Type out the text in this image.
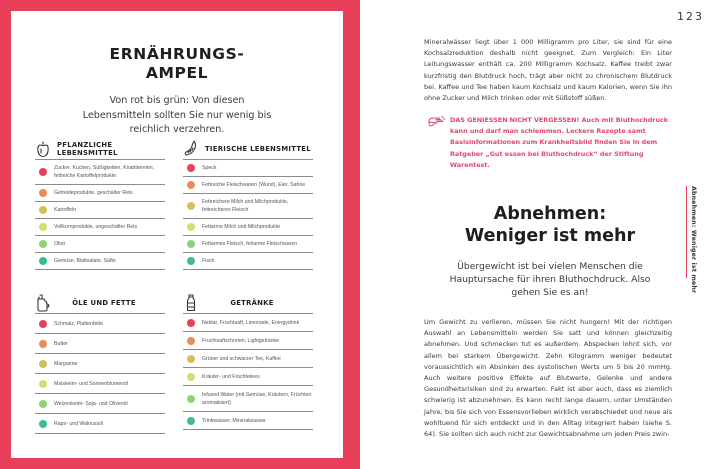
ERNÄHRUNGS-
AMPEL
Von rot bis grün: Von diesen Lebensmitteln sollten Sie nur wenig bis reichlich verzehren.
PFLANZLICHE LEBENSMITTEL
Zucker, Kuchen, Süßigkeiten, Knabbereien, fettreiche Kartoffelprodukte
Getreideprodukte, geschälter Reis
Kartoffeln
Vollkornprodukte, ungeschälter Reis
Obst
Gemüse, Blattsalate, Säfte
TIERISCHE LEBENSMITTEL
Speck
Fettreiche Fleischwaren (Wurst), Eier, Sahne
Fettreichere Milch und Milchprodukte, fettreicheres Fleisch
Fettarme Milch und Milchprodukte
Fettarmes Fleisch, fettarme Fleischwaren
Fisch
ÖLE UND FETTE
Schmalz, Plattenfette
Butter
Margarine
Maiskeim- und Sonnenblumenöl
Weizenkeim- Soja- und Olivenöl
Raps- und Walnussöl
GETRÄNKE
Nektar, Fruchtsaft, Limonade, Energydrink
Fruchtsaftschorlen, Lightgetränke
Grüner und schwarzer Tee, Kaffee
Kräuter- und Früchtetees
Infused Water (mit Gemüse, Kräutern, Früchten aromatisiert)
Trinkwasser, Mineralwasser
123
Mineralwässer liegt über 1 000 Milligramm pro Liter, sie sind für eine Kochsalzreduktion deshalb nicht geeignet. Zum Vergleich: Ein Liter Leitungswasser enthält ca. 200 Milligramm Kochsalz. Kaffee treibt zwar kurzfristig den Blutdruck hoch, trägt aber nicht zu chronischem Blutdruck bei. Kaffee und Tee haben kaum Kochsalz und kaum Kalorien, wenn Sie ihn ohne Zucker und Milch trinken oder mit Süßstoff süßen.
DAS GENIESSEN NICHT VERGESSEN! Auch mit Bluthochdruck kann und darf man schlemmen. Leckere Rezepte samt Basisinformationen zum Krankheitsbild finden Sie in dem Ratgeber „Gut essen bei Bluthochdruck“ der Stiftung Warentest.
Abnehmen:
Weniger ist mehr
Übergewicht ist bei vielen Menschen die Hauptursache für ihren Bluthochdruck. Also gehen Sie es an!	Abnehmen: Weniger ist mehr
Um Gewicht zu verlieren, müssen Sie nicht hungern! Mit der richtigen Auswahl an Lebensmitteln werden Sie satt und können gleichzeitig abnehmen. Und schmecken tut es außerdem. Abspecken lohnt sich, vor allem bei starkem Übergewicht. Zehn Kilogramm weniger bedeutet voraussichtlich ein Absinken des systolischen Werts um 5 bis 20 mmHg. Auch weitere positive Effekte auf Blutwerte, Gelenke und andere Gesundheitsrisiken sind zu erwarten. Fakt ist aber auch, dass es ziemlich schwierig ist abzunehmen. Es kann recht lange dauern, unter Umständen Jahre, bis Sie sich von Essensvorlieben wirklich verabschiedet und neue als wohltuend für sich entdeckt und in den Alltag integriert haben (siehe S. 64). Sie sollten sich auch nicht zur Gewichtsabnahme um jeden Preis zwin-
